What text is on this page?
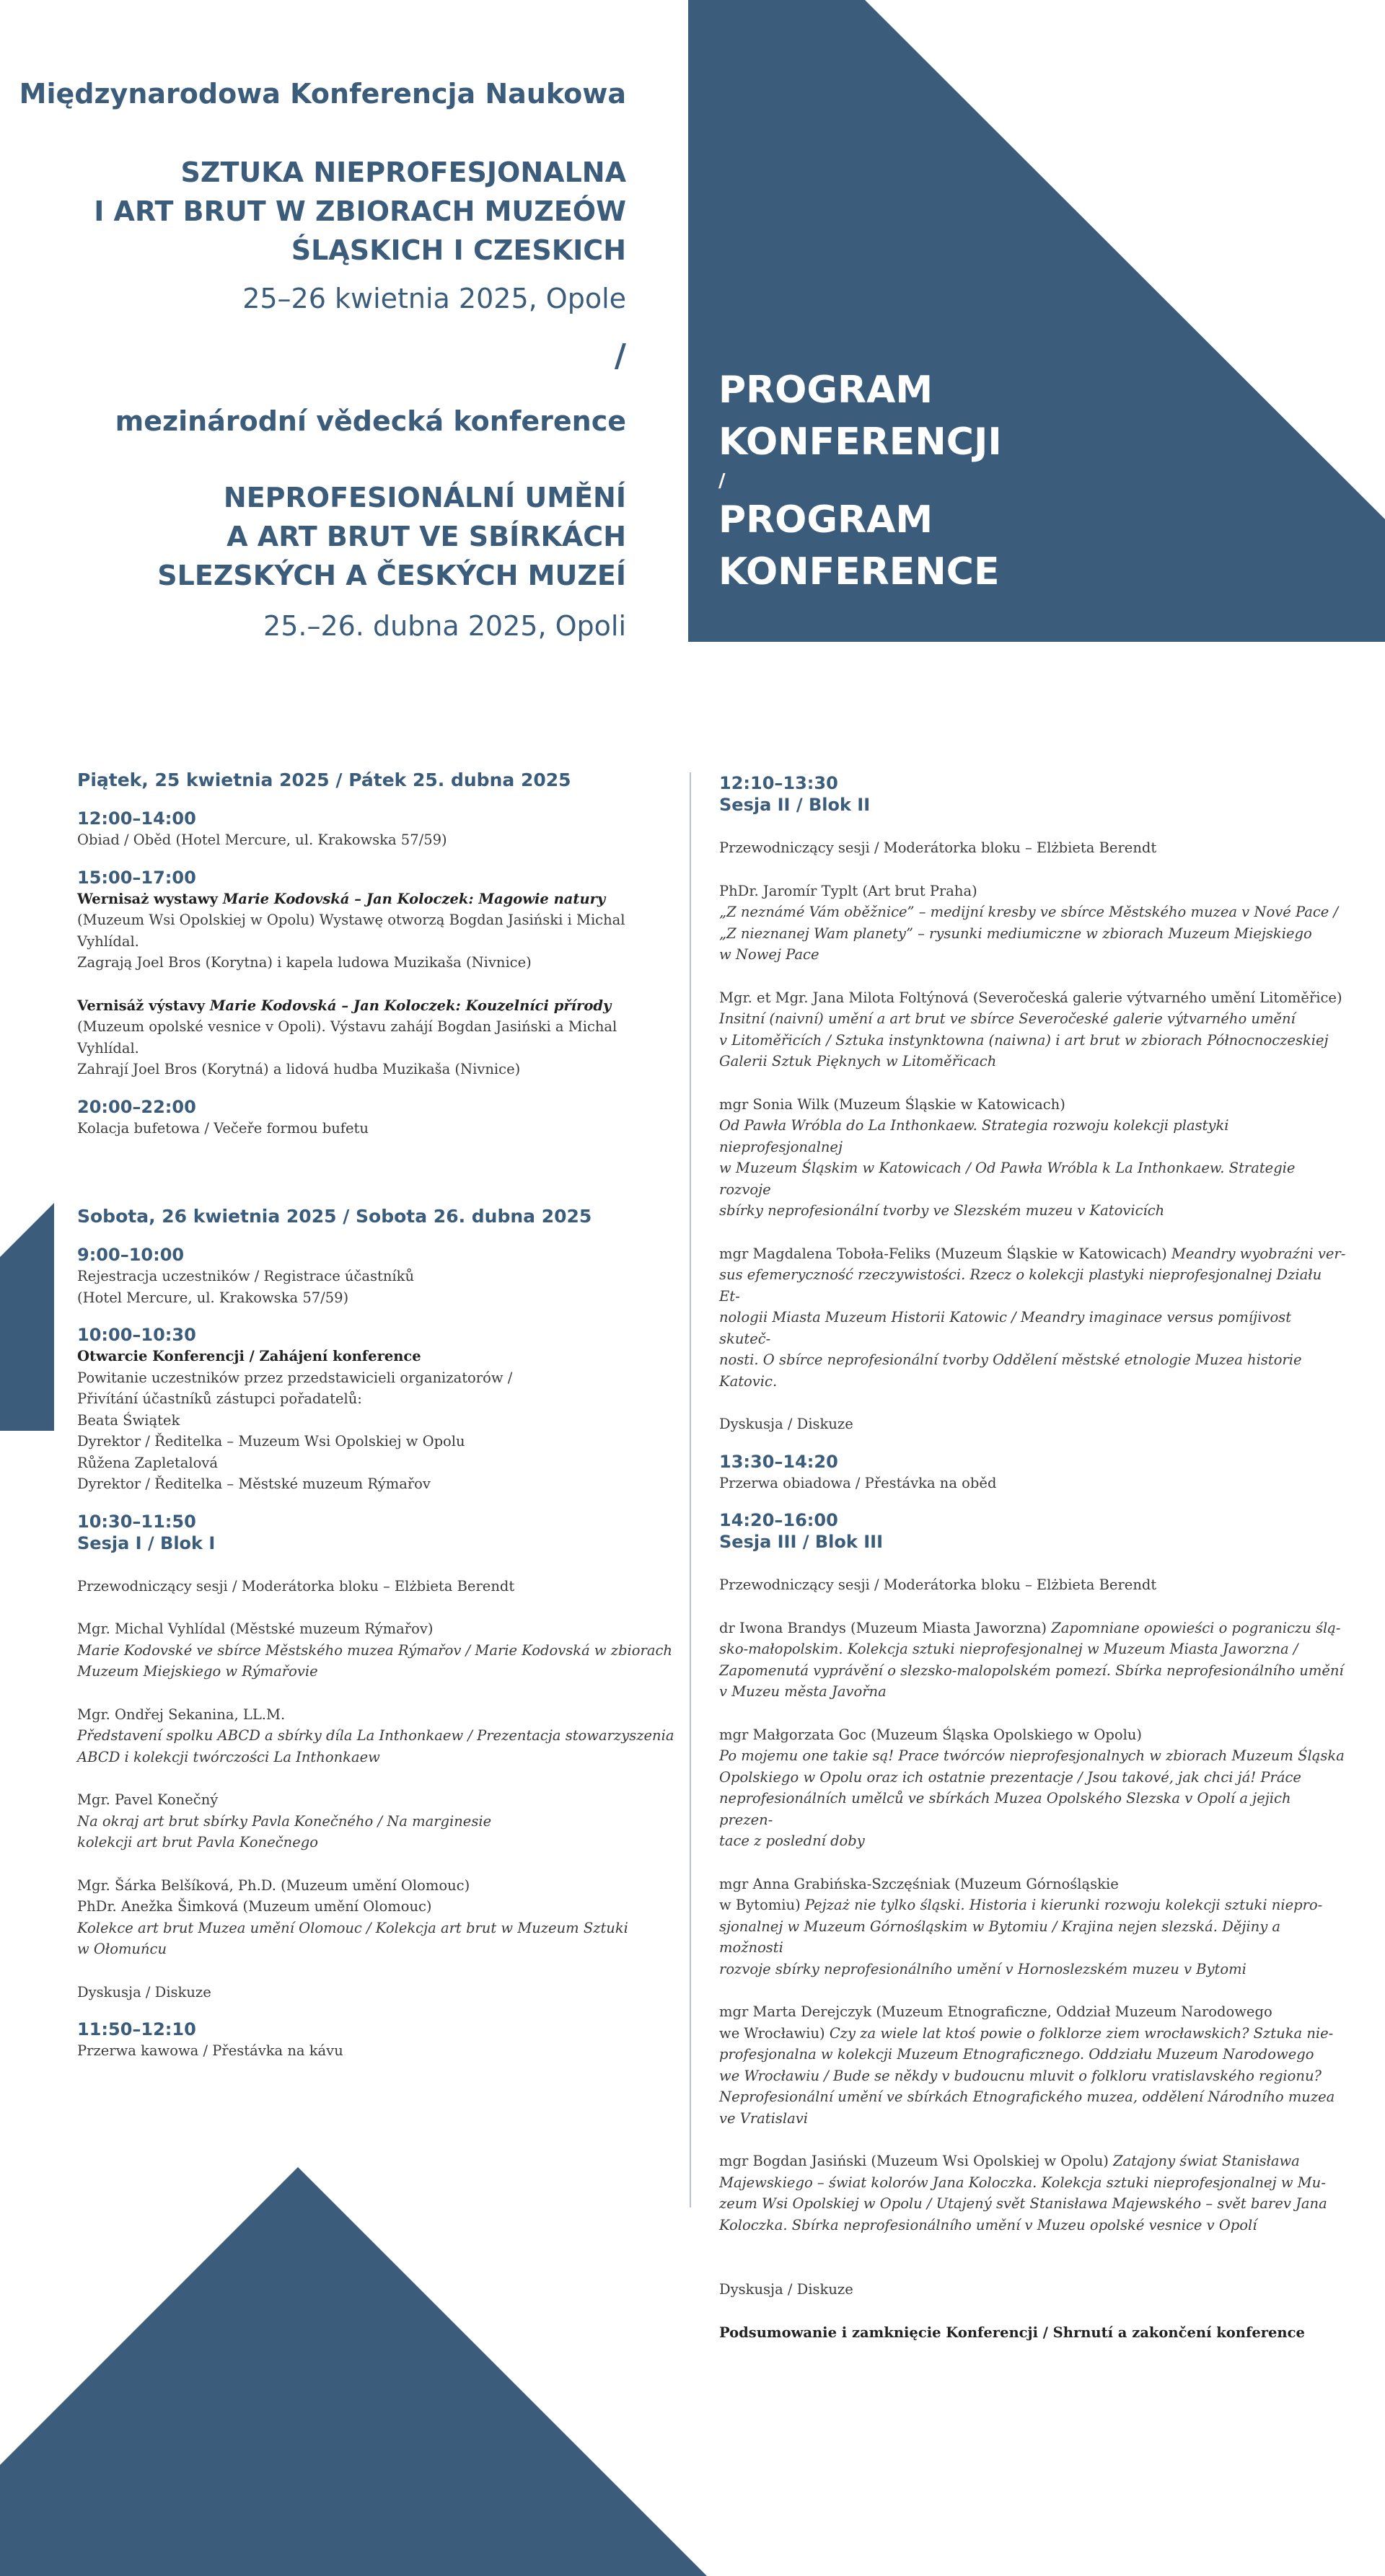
Międzynarodowa Konferencja Naukowa
SZTUKA NIEPROFESJONALNA
I ART BRUT W ZBIORACH MUZEÓW
ŚLĄSKICH I CZESKICH
25–26 kwietnia 2025, Opole
/
mezinárodní vědecká konference
NEPROFESIONÁLNÍ UMĚNÍ
A ART BRUT VE SBÍRKÁCH
SLEZSKÝCH A ČESKÝCH MUZEÍ
25.–26. dubna 2025, Opoli
PROGRAM
KONFERENCJI
/
PROGRAM
KONFERENCE
Piątek, 25 kwietnia 2025 / Pátek 25. dubna 2025
12:00–14:00
Obiad / Oběd (Hotel Mercure, ul. Krakowska 57/59)
15:00–17:00
Wernisaż wystawy Marie Kodovská – Jan Koloczek: Magowie natury
(Muzeum Wsi Opolskiej w Opolu) Wystawę otworzą Bogdan Jasiński i Michal Vyhlídal.
Zagrają Joel Bros (Korytna) i kapela ludowa Muzikaša (Nivnice)
Vernisáž výstavy Marie Kodovská – Jan Koloczek: Kouzelníci přírody
(Muzeum opolské vesnice v Opoli). Výstavu zahájí Bogdan Jasiński a Michal Vyhlídal.
Zahrají Joel Bros (Korytná) a lidová hudba Muzikaša (Nivnice)
20:00–22:00
Kolacja bufetowa / Večeře formou bufetu
Sobota, 26 kwietnia 2025 / Sobota 26. dubna 2025
9:00–10:00
Rejestracja uczestników / Registrace účastníků
(Hotel Mercure, ul. Krakowska 57/59)
10:00–10:30
Otwarcie Konferencji / Zahájení konference
Powitanie uczestników przez przedstawicieli organizatorów /
Přivítání účastníků zástupci pořadatelů:
Beata Świątek
Dyrektor / Ředitelka – Muzeum Wsi Opolskiej w Opolu
Růžena Zapletalová
Dyrektor / Ředitelka – Městské muzeum Rýmařov
10:30–11:50
Sesja I / Blok I
Przewodniczący sesji / Moderátorka bloku – Elżbieta Berendt
Mgr. Michal Vyhlídal (Městské muzeum Rýmařov)
Marie Kodovské ve sbírce Městského muzea Rýmařov / Marie Kodovská w zbiorach
Muzeum Miejskiego w Rýmařovie
Mgr. Ondřej Sekanina, LL.M.
Představení spolku ABCD a sbírky díla La Inthonkaew / Prezentacja stowarzyszenia
ABCD i kolekcji twórczości La Inthonkaew
Mgr. Pavel Konečný
Na okraj art brut sbírky Pavla Konečného / Na marginesie
kolekcji art brut Pavla Konečnego
Mgr. Šárka Belšíková, Ph.D. (Muzeum umění Olomouc)
PhDr. Anežka Šimková (Muzeum umění Olomouc)
Kolekce art brut Muzea umění Olomouc / Kolekcja art brut w Muzeum Sztuki
w Ołomuńcu
Dyskusja / Diskuze
11:50–12:10
Przerwa kawowa / Přestávka na kávu
12:10–13:30
Sesja II / Blok II
Przewodniczący sesji / Moderátorka bloku – Elżbieta Berendt
PhDr. Jaromír Typlt (Art brut Praha)
„Z neznámé Vám oběžnice” – mediјní kresby ve sbírce Městského muzea v Nové Pace /
„Z nieznanej Wam planety” – rysunki mediumiczne w zbiorach Muzeum Miejskiego
w Nowej Pace
Mgr. et Mgr. Jana Milota Foltýnová (Severočeská galerie výtvarného umění Litoměřice)
Insitní (naivní) umění a art brut ve sbírce Severočeské galerie výtvarného umění
v Litoměřicích / Sztuka instynktowna (naiwna) i art brut w zbiorach Północnoczeskiej
Galerii Sztuk Pięknych w Litoměřicach
mgr Sonia Wilk (Muzeum Śląskie w Katowicach)
Od Pawła Wróbla do La Inthonkaew. Strategia rozwoju kolekcji plastyki nieprofesjonalnej
w Muzeum Śląskim w Katowicach / Od Pawła Wróbla k La Inthonkaew. Strategie rozvoje
sbírky neprofesionální tvorby ve Slezském muzeu v Katovicích
mgr Magdalena Toboła-Feliks (Muzeum Śląskie w Katowicach) Meandry wyobraźni ver-
sus efemeryczność rzeczywistości. Rzecz o kolekcji plastyki nieprofesjonalnej Działu Et-
nologii Miasta Muzeum Historii Katowic / Meandry imaginace versus pomíjivost skuteč-
nosti. O sbírce neprofesionální tvorby Oddělení městské etnologie Muzea historie Katovic.
Dyskusja / Diskuze
13:30–14:20
Przerwa obiadowa / Přestávka na oběd
14:20–16:00
Sesja III / Blok III
Przewodniczący sesji / Moderátorka bloku – Elżbieta Berendt
dr Iwona Brandys (Muzeum Miasta Jaworzna) Zapomniane opowieści o pograniczu ślą-
sko-małopolskim. Kolekcja sztuki nieprofesjonalnej w Muzeum Miasta Jaworzna /
Zapomenutá vyprávění o slezsko-malopolském pomezí. Sbírka neprofesionálního umění
v Muzeu města Javořna
mgr Małgorzata Goc (Muzeum Śląska Opolskiego w Opolu)
Po mojemu one takie są! Prace twórców nieprofesjonalnych w zbiorach Muzeum Śląska
Opolskiego w Opolu oraz ich ostatnie prezentacje / Jsou takové, jak chci já! Práce
neprofesionálních umělců ve sbírkách Muzea Opolského Slezska v Opolí a jejich prezen-
tace z poslední doby
mgr Anna Grabińska-Szczęśniak (Muzeum Górnośląskie
w Bytomiu) Pejzaż nie tylko śląski. Historia i kierunki rozwoju kolekcji sztuki niepro-
sjonalnej w Muzeum Górnośląskim w Bytomiu / Krajina nejen slezská. Dějiny a možnosti
rozvoje sbírky neprofesionálního umění v Hornoslezském muzeu v Bytomi
mgr Marta Derejczyk (Muzeum Etnograficzne, Oddział Muzeum Narodowego
we Wrocławiu) Czy za wiele lat ktoś powie o folklorze ziem wrocławskich? Sztuka nie-
profesjonalna w kolekcji Muzeum Etnograficznego. Oddziału Muzeum Narodowego
we Wrocławiu / Bude se někdy v budoucnu mluvit o folkloru vratislavského regionu?
Neprofesionální umění ve sbírkách Etnografického muzea, oddělení Národního muzea
ve Vratislavi
mgr Bogdan Jasiński (Muzeum Wsi Opolskiej w Opolu) Zatajony świat Stanisława
Majewskiego – świat kolorów Jana Koloczka. Kolekcja sztuki nieprofesjonalnej w Mu-
zeum Wsi Opolskiej w Opolu / Utajený svět Stanisława Majewského – svět barev Jana
Koloczka. Sbírka neprofesionálního umění v Muzeu opolské vesnice v Opolí
Dyskusja / Diskuze
Podsumowanie i zamknięcie Konferencji / Shrnutí a zakončení konference
